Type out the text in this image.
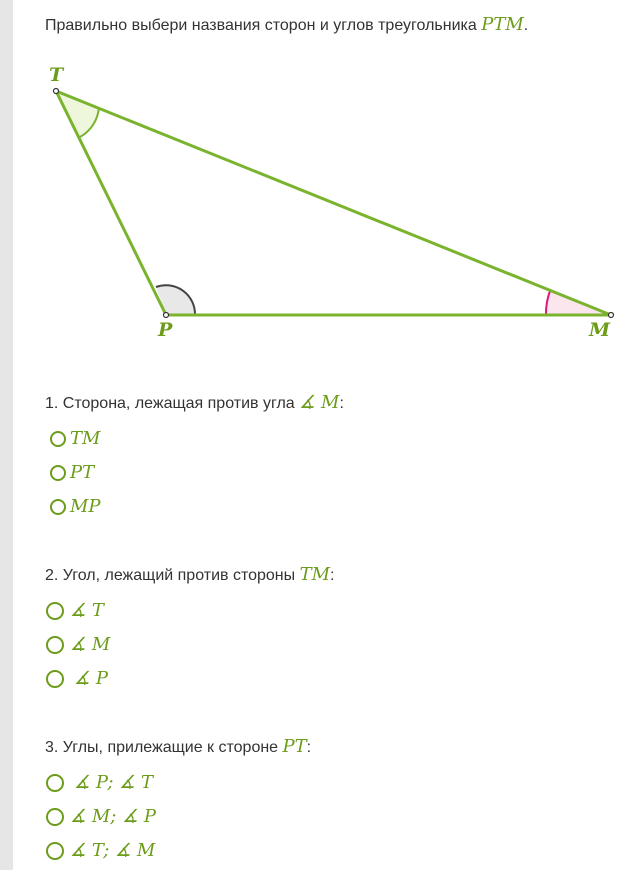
Правильно выбери названия сторон и углов треугольника PTM.
T
P	M
1. Сторона, лежащая против угла ∡ M:
TM
PT
MP
2. Угол, лежащий против стороны TM:
∡ T
∡ M
∡ P
3. Углы, прилежащие к стороне PT:
∡ P; ∡ T
∡ M; ∡ P
∡ T; ∡ M
